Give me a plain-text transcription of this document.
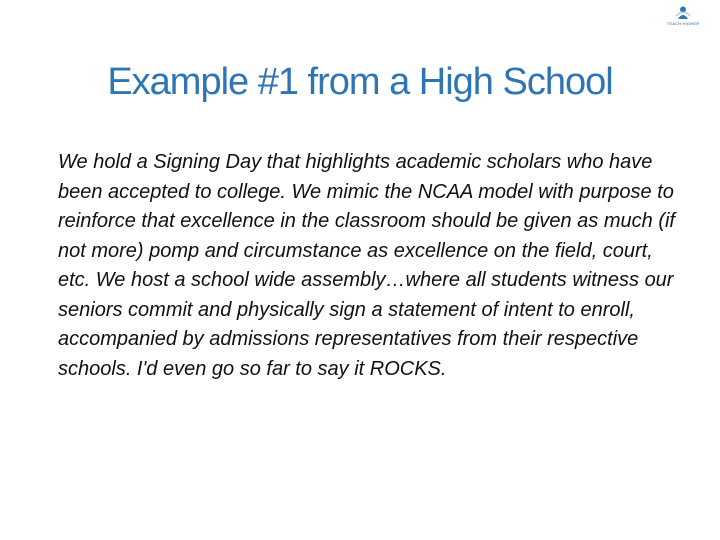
TEACH HIGHER
Example #1 from a High School

We hold a Signing Day that highlights academic scholars who have been accepted to college. We mimic the NCAA model with purpose to reinforce that excellence in the classroom should be given as much (if not more) pomp and circumstance as excellence on the field, court, etc. We host a school wide assembly…where all students witness our seniors commit and physically sign a statement of intent to enroll, accompanied by admissions representatives from their respective schools. I'd even go so far to say it ROCKS.
